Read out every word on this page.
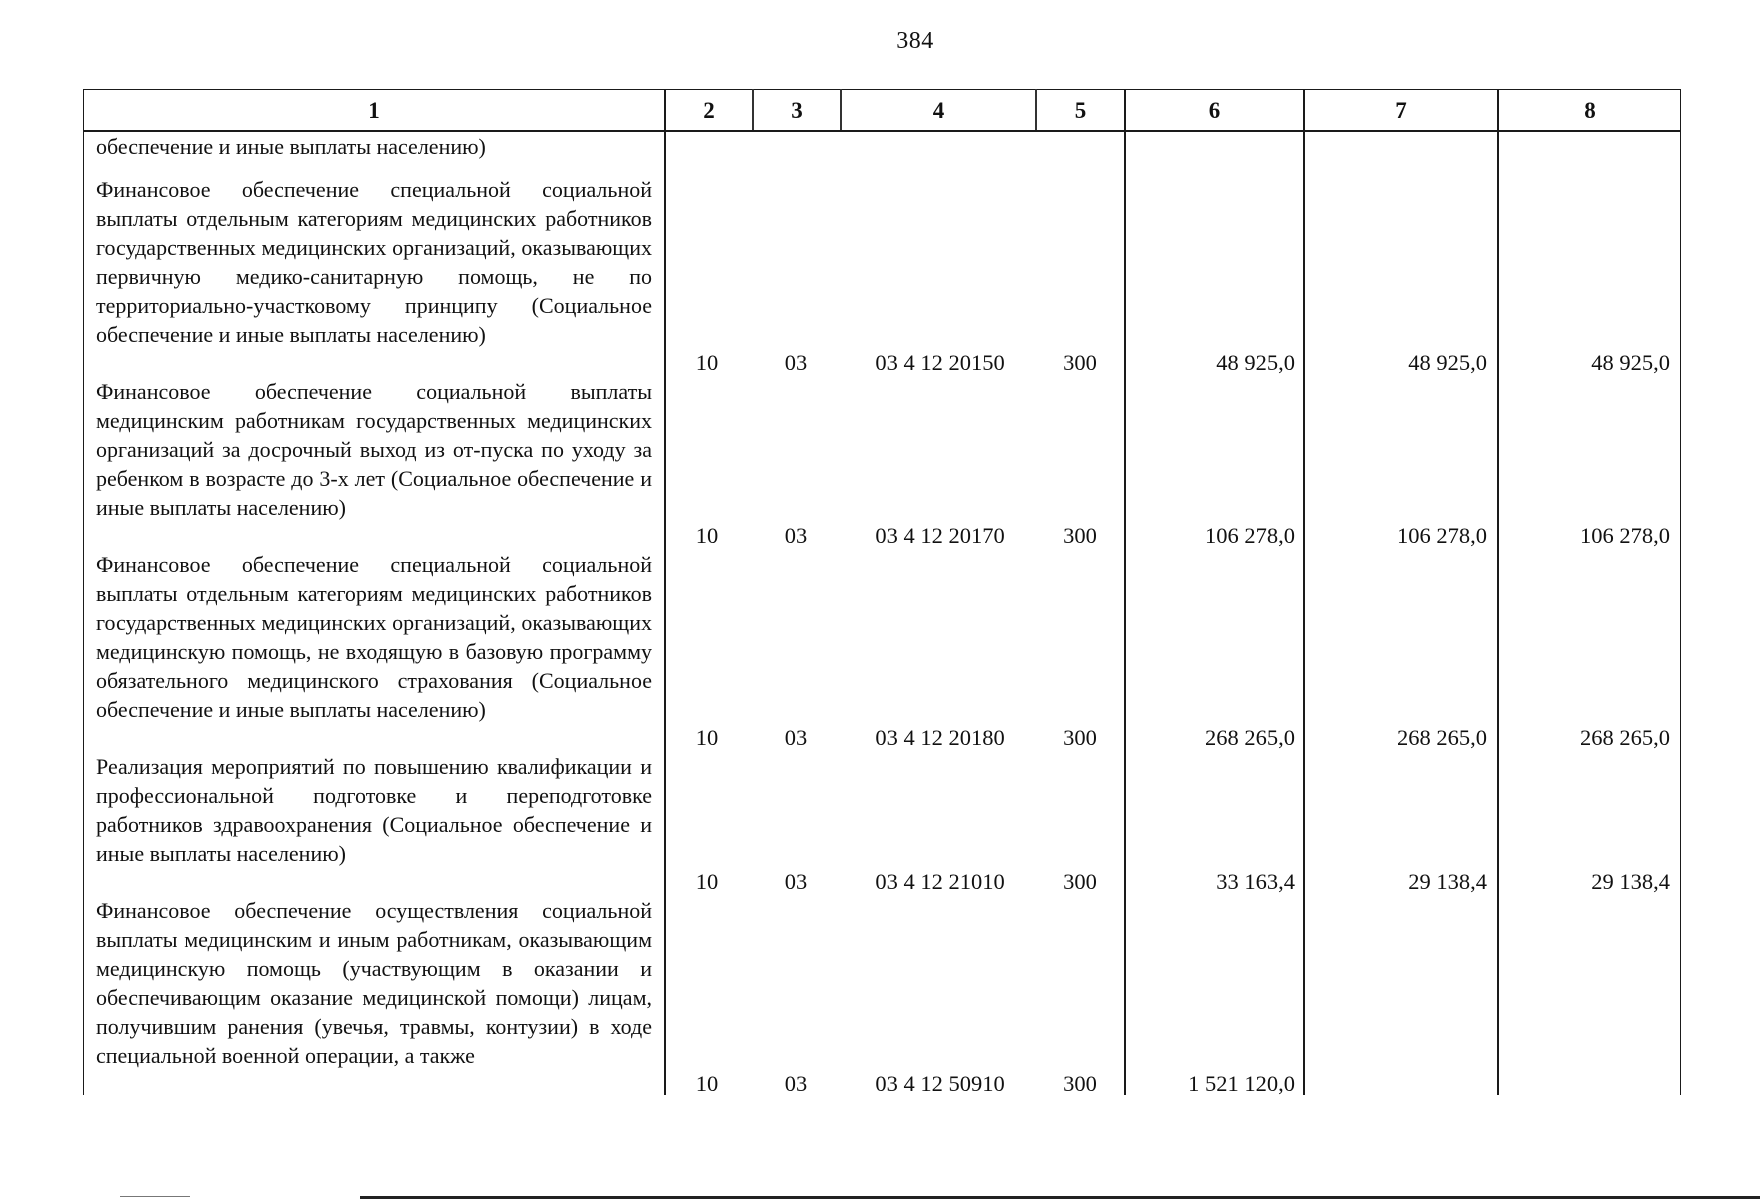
384
1	2	3	4	5	6	7	8
обеспечение и иные выплаты населению)
Финансовое обеспечение специальной социальной выплаты отдельным категориям медицинских работников государственных медицинских организаций, оказывающих первичную медико-санитарную помощь, не по территориально-участковому принципу (Социальное обеспечение и иные выплаты населению)
10	03	03 4 12 20150	300	48 925,0	48 925,0	48 925,0
Финансовое обеспечение социальной выплаты медицинским работникам государственных медицинских организаций за досрочный выход из от-пуска по уходу за ребенком в возрасте до 3-х лет (Социальное обеспечение и иные выплаты населению)
10	03	03 4 12 20170	300	106 278,0	106 278,0	106 278,0
Финансовое обеспечение специальной социальной выплаты отдельным категориям медицинских работников государственных медицинских организаций, оказывающих медицинскую помощь, не входящую в базовую программу обязательного медицинского страхования (Социальное обеспечение и иные выплаты населению)
10	03	03 4 12 20180	300	268 265,0	268 265,0	268 265,0
Реализация мероприятий по повышению квалификации и профессиональной подготовке и переподготовке работников здравоохранения (Социальное обеспечение и иные выплаты населению)
10	03	03 4 12 21010	300	33 163,4	29 138,4	29 138,4
Финансовое обеспечение осуществления социальной выплаты медицинским и иным работникам, оказывающим медицинскую помощь (участвующим в оказании и обеспечивающим оказание медицинской помощи) лицам, получившим ранения (увечья, травмы, контузии) в ходе специальной военной операции, а также
10	03	03 4 12 50910	300	1 521 120,0
